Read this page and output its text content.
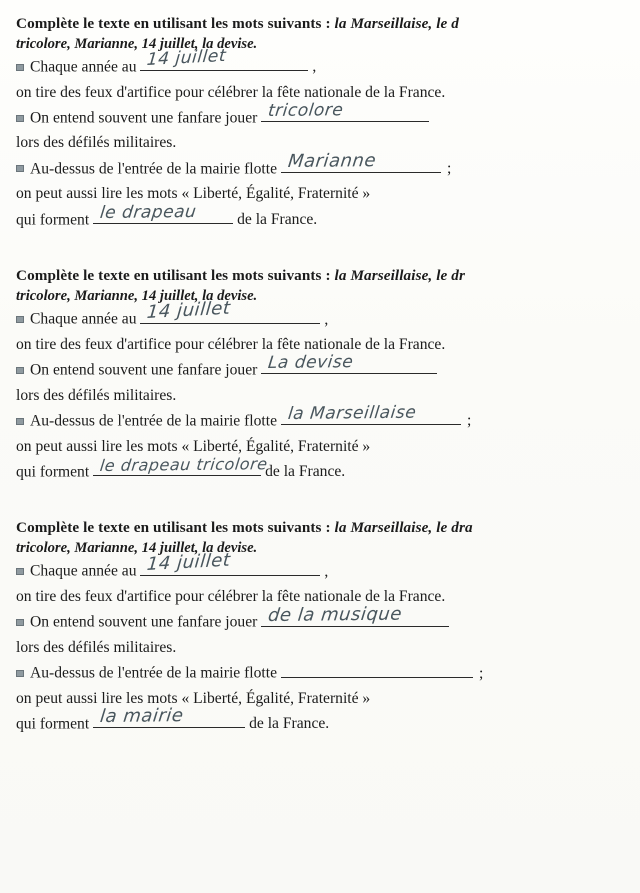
Complète le texte en utilisant les mots suivants : la Marseillaise, le d
tricolore, Marianne, 14 juillet, la devise.
Chaque année au 14 juillet	,
on tire des feux d'artifice pour célébrer la fête nationale de la France.
On entend souvent une fanfare jouer tricolore
lors des défilés militaires.
Au-dessus de l'entrée de la mairie flotte Marianne	;
on peut aussi lire les mots « Liberté, Égalité, Fraternité »
qui forment le drapeau	de la France.
Complète le texte en utilisant les mots suivants : la Marseillaise, le dr
tricolore, Marianne, 14 juillet, la devise.
Chaque année au 14 juillet	,
on tire des feux d'artifice pour célébrer la fête nationale de la France.
On entend souvent une fanfare jouer La devise
lors des défilés militaires.
Au-dessus de l'entrée de la mairie flotte la Marseillaise	;
on peut aussi lire les mots « Liberté, Égalité, Fraternité »
qui forment le drapeau tricolore
de la France.
Complète le texte en utilisant les mots suivants : la Marseillaise, le dra
tricolore, Marianne, 14 juillet, la devise.
Chaque année au 14 juillet	,
on tire des feux d'artifice pour célébrer la fête nationale de la France.
On entend souvent une fanfare jouer de la musique
lors des défilés militaires.
Au-dessus de l'entrée de la mairie flotte	;
on peut aussi lire les mots « Liberté, Égalité, Fraternité »
qui forment la mairie	de la France.
